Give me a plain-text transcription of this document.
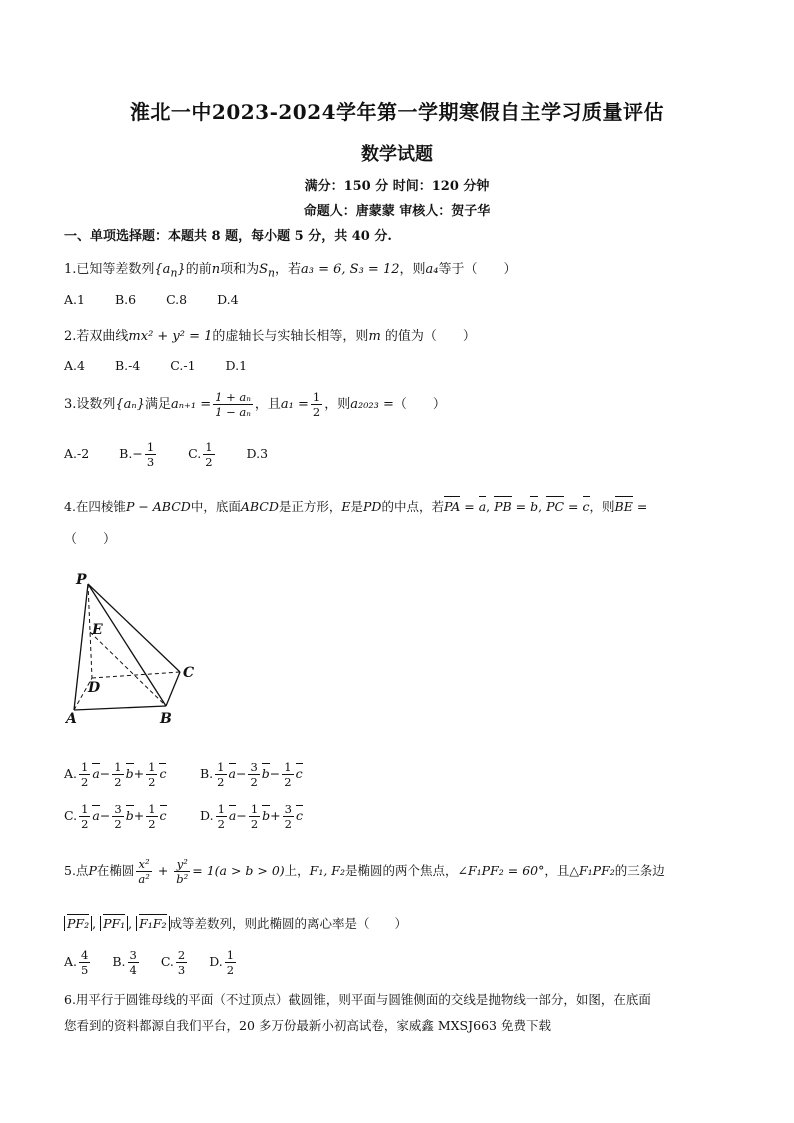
淮北一中2023-2024学年第一学期寒假自主学习质量评估
数学试题
满分：150 分 时间：120 分钟
命题人：唐蒙蒙 审核人：贺子华
一、单项选择题：本题共 8 题，每小题 5 分，共 40 分.
1.已知等差数列$\{a_n\}$的前n项和为$S_n$，若a₃ = 6, S₃ = 12，则a₄等于（　　）
A.1 B.6 C.8 D.4
2.若双曲线mx² + y² = 1的虚轴长与实轴长相等，则m 的值为（　　）
A.4 B.-4 C.-1 D.1
3.设数列{aₙ}满足$a_{n+1} = \frac{\text{1 + aₙ}}{\text{1 − aₙ}}$ ，且$a_1 = \frac{1}{2}$ ，则a₂₀₂₃ =（　　）
A.-2 $B.- \frac{1}{3}$	C. $\frac{1}{2}$	D.3
4.在四棱锥P − ABCD中，底面ABCD是正方形，E是PD的中点，若PA = a, PB = b, PC = c，则BE =
（　　）
P
E
C
D
A	B
A. $\frac{1}{2} a- \frac{1}{2} b+ \frac{1}{2}$ c	B. $\frac{1}{2} a- \frac{3}{2} b- \frac{1}{2}$ c
C. $\frac{1}{2} a- \frac{3}{2} b+ \frac{1}{2}$ c	D. $\frac{1}{2} a- \frac{1}{2} b+ \frac{3}{2}$ c
5.点P在椭圆 $\frac{\text{x²}}{\text{a²}} + \frac{\text{y²}}{\text{b²}} = 1(a > b > 0)$上，F₁, F₂是椭圆的两个焦点，∠F₁PF₂ = 60°，且△F₁PF₂的三条边
PF₂ , PF₁ , F₁F₂ 成等差数列，则此椭圆的离心率是（　　）
A. $\frac{4}{5} B$. $\frac{3}{4} C$. $\frac{2}{3} D$. $\frac{1}{2}$
6.用平行于圆锥母线的平面（不过顶点）截圆锥，则平面与圆锥侧面的交线是抛物线一部分，如图，在底面
您看到的资料都源自我们平台，20 多万份最新小初高试卷，家威鑫 MXSJ663 免费下载
